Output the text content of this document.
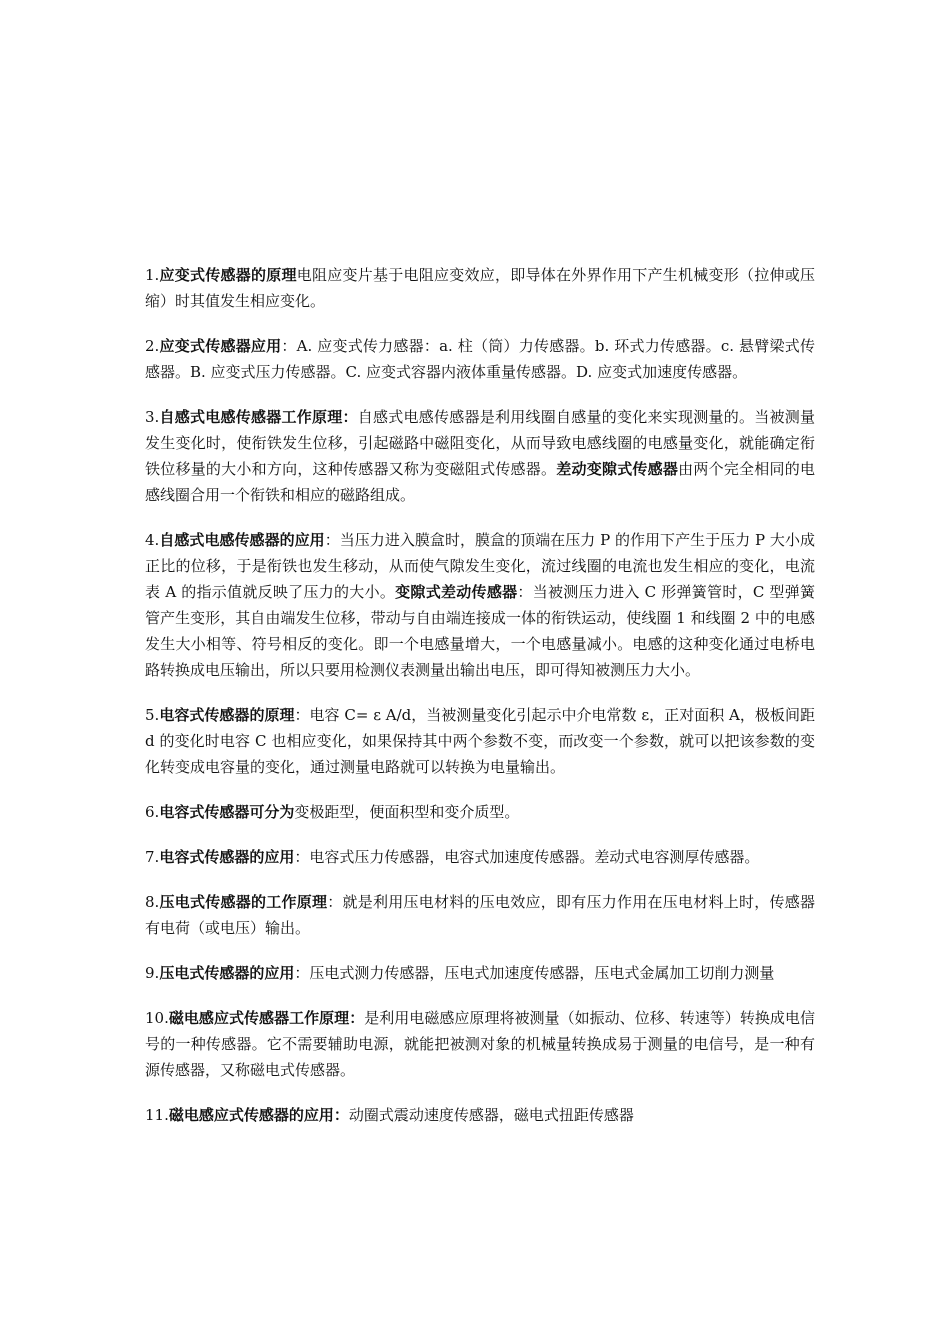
1.应变式传感器的原理电阻应变片基于电阻应变效应，即导体在外界作用下产生机械变形（拉伸或压缩）时其值发生相应变化。

2.应变式传感器应用：A. 应变式传力感器：a. 柱（筒）力传感器。b. 环式力传感器。c. 悬臂梁式传感器。B. 应变式压力传感器。C. 应变式容器内液体重量传感器。D. 应变式加速度传感器。

3.自感式电感传感器工作原理：自感式电感传感器是利用线圈自感量的变化来实现测量的。当被测量发生变化时，使衔铁发生位移，引起磁路中磁阻变化，从而导致电感线圈的电感量变化，就能确定衔铁位移量的大小和方向，这种传感器又称为变磁阻式传感器。差动变隙式传感器由两个完全相同的电感线圈合用一个衔铁和相应的磁路组成。

4.自感式电感传感器的应用：当压力进入膜盒时，膜盒的顶端在压力 P 的作用下产生于压力 P 大小成正比的位移，于是衔铁也发生移动，从而使气隙发生变化，流过线圈的电流也发生相应的变化，电流表 A 的指示值就反映了压力的大小。变隙式差动传感器：当被测压力进入 C 形弹簧管时，C 型弹簧管产生变形，其自由端发生位移，带动与自由端连接成一体的衔铁运动，使线圈 1 和线圈 2 中的电感发生大小相等、符号相反的变化。即一个电感量增大，一个电感量减小。电感的这种变化通过电桥电路转换成电压输出，所以只要用检测仪表测量出输出电压，即可得知被测压力大小。

5.电容式传感器的原理：电容 C= ε A/d，当被测量变化引起示中介电常数 ε，正对面积 A，极板间距 d 的变化时电容 C 也相应变化，如果保持其中两个参数不变，而改变一个参数，就可以把该参数的变化转变成电容量的变化，通过测量电路就可以转换为电量输出。

6.电容式传感器可分为变极距型，便面积型和变介质型。

7.电容式传感器的应用：电容式压力传感器，电容式加速度传感器。差动式电容测厚传感器。

8.压电式传感器的工作原理：就是利用压电材料的压电效应，即有压力作用在压电材料上时，传感器有电荷（或电压）输出。

9.压电式传感器的应用：压电式测力传感器，压电式加速度传感器，压电式金属加工切削力测量

10.磁电感应式传感器工作原理：是利用电磁感应原理将被测量（如振动、位移、转速等）转换成电信号的一种传感器。它不需要辅助电源，就能把被测对象的机械量转换成易于测量的电信号，是一种有源传感器，又称磁电式传感器。

11.磁电感应式传感器的应用：动圈式震动速度传感器，磁电式扭距传感器
